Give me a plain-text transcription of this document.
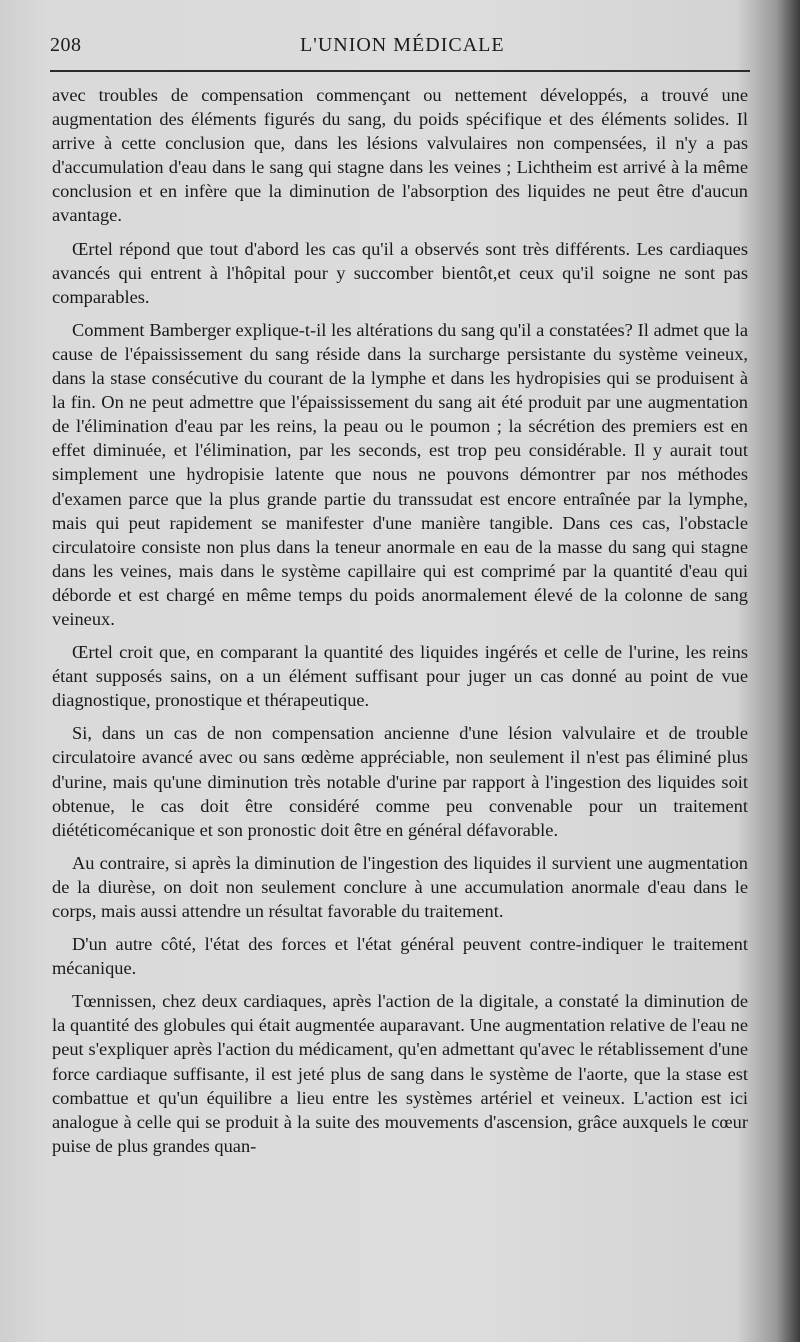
208	L'UNION MÉDICALE

avec troubles de compensation commençant ou nettement développés, a trouvé une augmentation des éléments figurés du sang, du poids spécifique et des éléments solides. Il arrive à cette conclusion que, dans les lésions valvulaires non compensées, il n'y a pas d'accumulation d'eau dans le sang qui stagne dans les veines ; Lichtheim est arrivé à la même conclusion et en infère que la diminution de l'absorption des liquides ne peut être d'aucun avantage.

Œrtel répond que tout d'abord les cas qu'il a observés sont très différents. Les cardiaques avancés qui entrent à l'hôpital pour y succomber bientôt,et ceux qu'il soigne ne sont pas comparables.

Comment Bamberger explique-t-il les altérations du sang qu'il a constatées? Il admet que la cause de l'épaississement du sang réside dans la surcharge persistante du système veineux, dans la stase consécutive du courant de la lymphe et dans les hydropisies qui se produisent à la fin. On ne peut admettre que l'épaississement du sang ait été produit par une augmentation de l'élimination d'eau par les reins, la peau ou le poumon ; la sécrétion des premiers est en effet diminuée, et l'élimination, par les seconds, est trop peu considérable. Il y aurait tout simplement une hydropisie latente que nous ne pouvons démontrer par nos méthodes d'examen parce que la plus grande partie du transsudat est encore entraînée par la lymphe, mais qui peut rapidement se manifester d'une manière tangible. Dans ces cas, l'obstacle circulatoire consiste non plus dans la teneur anormale en eau de la masse du sang qui stagne dans les veines, mais dans le système capillaire qui est comprimé par la quantité d'eau qui déborde et est chargé en même temps du poids anormalement élevé de la colonne de sang veineux.

Œrtel croit que, en comparant la quantité des liquides ingérés et celle de l'urine, les reins étant supposés sains, on a un élément suffisant pour juger un cas donné au point de vue diagnostique, pronostique et thérapeutique.

Si, dans un cas de non compensation ancienne d'une lésion valvulaire et de trouble circulatoire avancé avec ou sans œdème appréciable, non seulement il n'est pas éliminé plus d'urine, mais qu'une diminution très notable d'urine par rapport à l'ingestion des liquides soit obtenue, le cas doit être considéré comme peu convenable pour un traitement diététicomécanique et son pronostic doit être en général défavorable.

Au contraire, si après la diminution de l'ingestion des liquides il survient une augmentation de la diurèse, on doit non seulement conclure à une accumulation anormale d'eau dans le corps, mais aussi attendre un résultat favorable du traitement.

D'un autre côté, l'état des forces et l'état général peuvent contre-indiquer le traitement mécanique.

Tœnnissen, chez deux cardiaques, après l'action de la digitale, a constaté la diminution de la quantité des globules qui était augmentée auparavant. Une augmentation relative de l'eau ne peut s'expliquer après l'action du médicament, qu'en admettant qu'avec le rétablissement d'une force cardiaque suffisante, il est jeté plus de sang dans le système de l'aorte, que la stase est combattue et qu'un équilibre a lieu entre les systèmes artériel et veineux. L'action est ici analogue à celle qui se produit à la suite des mouvements d'ascension, grâce auxquels le cœur puise de plus grandes quan-
